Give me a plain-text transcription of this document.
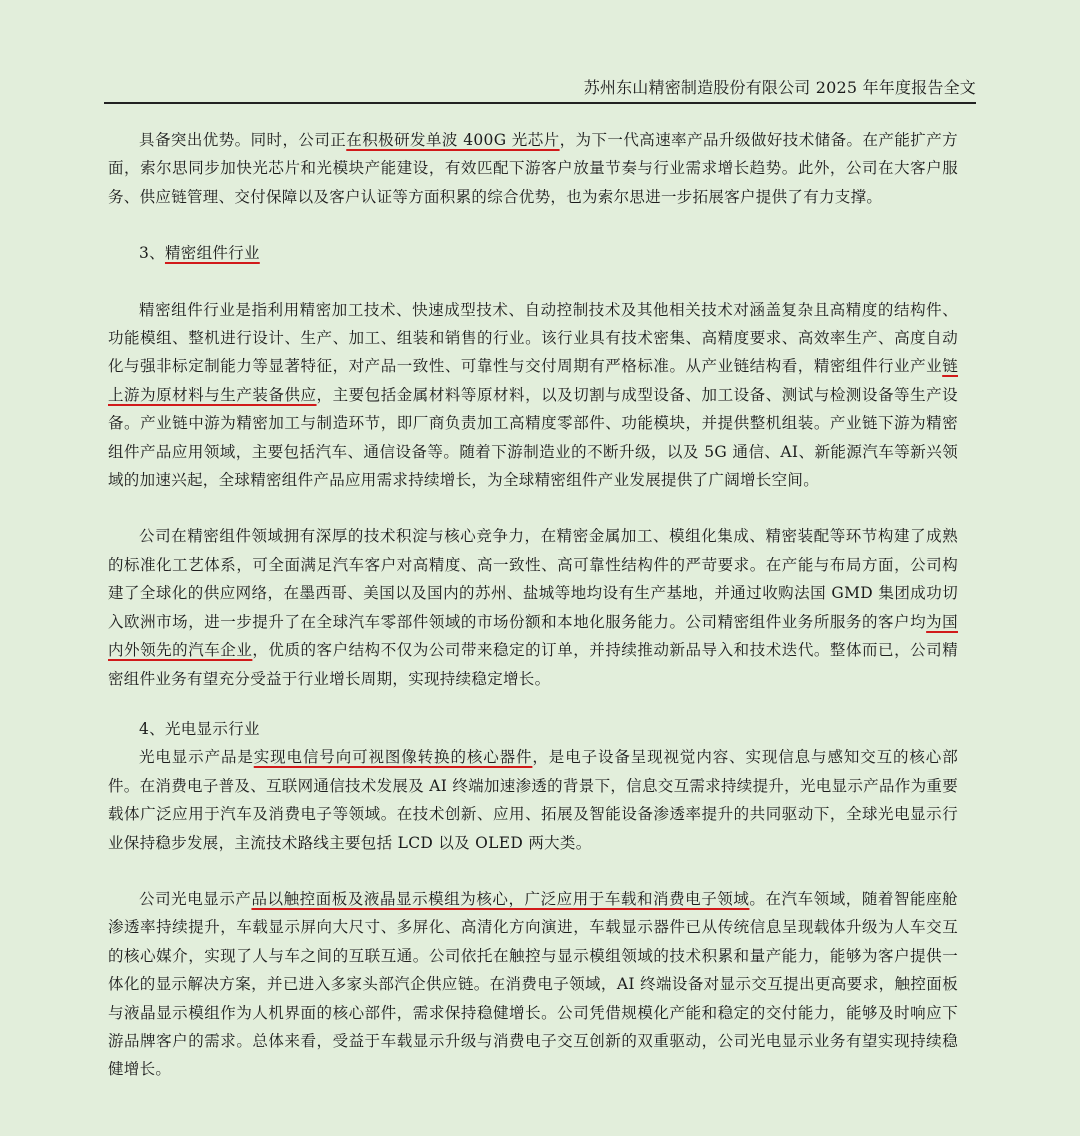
苏州东山精密制造股份有限公司 2025 年年度报告全文

具备突出优势。同时，公司正在积极研发单波 400G 光芯片，为下一代高速率产品升级做好技术储备。在产能扩产方面，索尔思同步加快光芯片和光模块产能建设，有效匹配下游客户放量节奏与行业需求增长趋势。此外，公司在大客户服务、供应链管理、交付保障以及客户认证等方面积累的综合优势，也为索尔思进一步拓展客户提供了有力支撑。

3、精密组件行业

精密组件行业是指利用精密加工技术、快速成型技术、自动控制技术及其他相关技术对涵盖复杂且高精度的结构件、功能模组、整机进行设计、生产、加工、组装和销售的行业。该行业具有技术密集、高精度要求、高效率生产、高度自动化与强非标定制能力等显著特征，对产品一致性、可靠性与交付周期有严格标准。从产业链结构看，精密组件行业产业链上游为原材料与生产装备供应，主要包括金属材料等原材料，以及切割与成型设备、加工设备、测试与检测设备等生产设备。产业链中游为精密加工与制造环节，即厂商负责加工高精度零部件、功能模块，并提供整机组装。产业链下游为精密组件产品应用领域，主要包括汽车、通信设备等。随着下游制造业的不断升级，以及 5G 通信、AI、新能源汽车等新兴领域的加速兴起，全球精密组件产品应用需求持续增长，为全球精密组件产业发展提供了广阔增长空间。

公司在精密组件领域拥有深厚的技术积淀与核心竞争力，在精密金属加工、模组化集成、精密装配等环节构建了成熟的标准化工艺体系，可全面满足汽车客户对高精度、高一致性、高可靠性结构件的严苛要求。在产能与布局方面，公司构建了全球化的供应网络，在墨西哥、美国以及国内的苏州、盐城等地均设有生产基地，并通过收购法国 GMD 集团成功切入欧洲市场，进一步提升了在全球汽车零部件领域的市场份额和本地化服务能力。公司精密组件业务所服务的客户均为国内外领先的汽车企业，优质的客户结构不仅为公司带来稳定的订单，并持续推动新品导入和技术迭代。整体而已，公司精密组件业务有望充分受益于行业增长周期，实现持续稳定增长。

4、光电显示行业

光电显示产品是实现电信号向可视图像转换的核心器件，是电子设备呈现视觉内容、实现信息与感知交互的核心部件。在消费电子普及、互联网通信技术发展及 AI 终端加速渗透的背景下，信息交互需求持续提升，光电显示产品作为重要载体广泛应用于汽车及消费电子等领域。在技术创新、应用、拓展及智能设备渗透率提升的共同驱动下，全球光电显示行业保持稳步发展，主流技术路线主要包括 LCD 以及 OLED 两大类。

公司光电显示产品以触控面板及液晶显示模组为核心，广泛应用于车载和消费电子领域。在汽车领域，随着智能座舱渗透率持续提升，车载显示屏向大尺寸、多屏化、高清化方向演进，车载显示器件已从传统信息呈现载体升级为人车交互的核心媒介，实现了人与车之间的互联互通。公司依托在触控与显示模组领域的技术积累和量产能力，能够为客户提供一体化的显示解决方案，并已进入多家头部汽企供应链。在消费电子领域，AI 终端设备对显示交互提出更高要求，触控面板与液晶显示模组作为人机界面的核心部件，需求保持稳健增长。公司凭借规模化产能和稳定的交付能力，能够及时响应下游品牌客户的需求。总体来看，受益于车载显示升级与消费电子交互创新的双重驱动，公司光电显示业务有望实现持续稳健增长。
